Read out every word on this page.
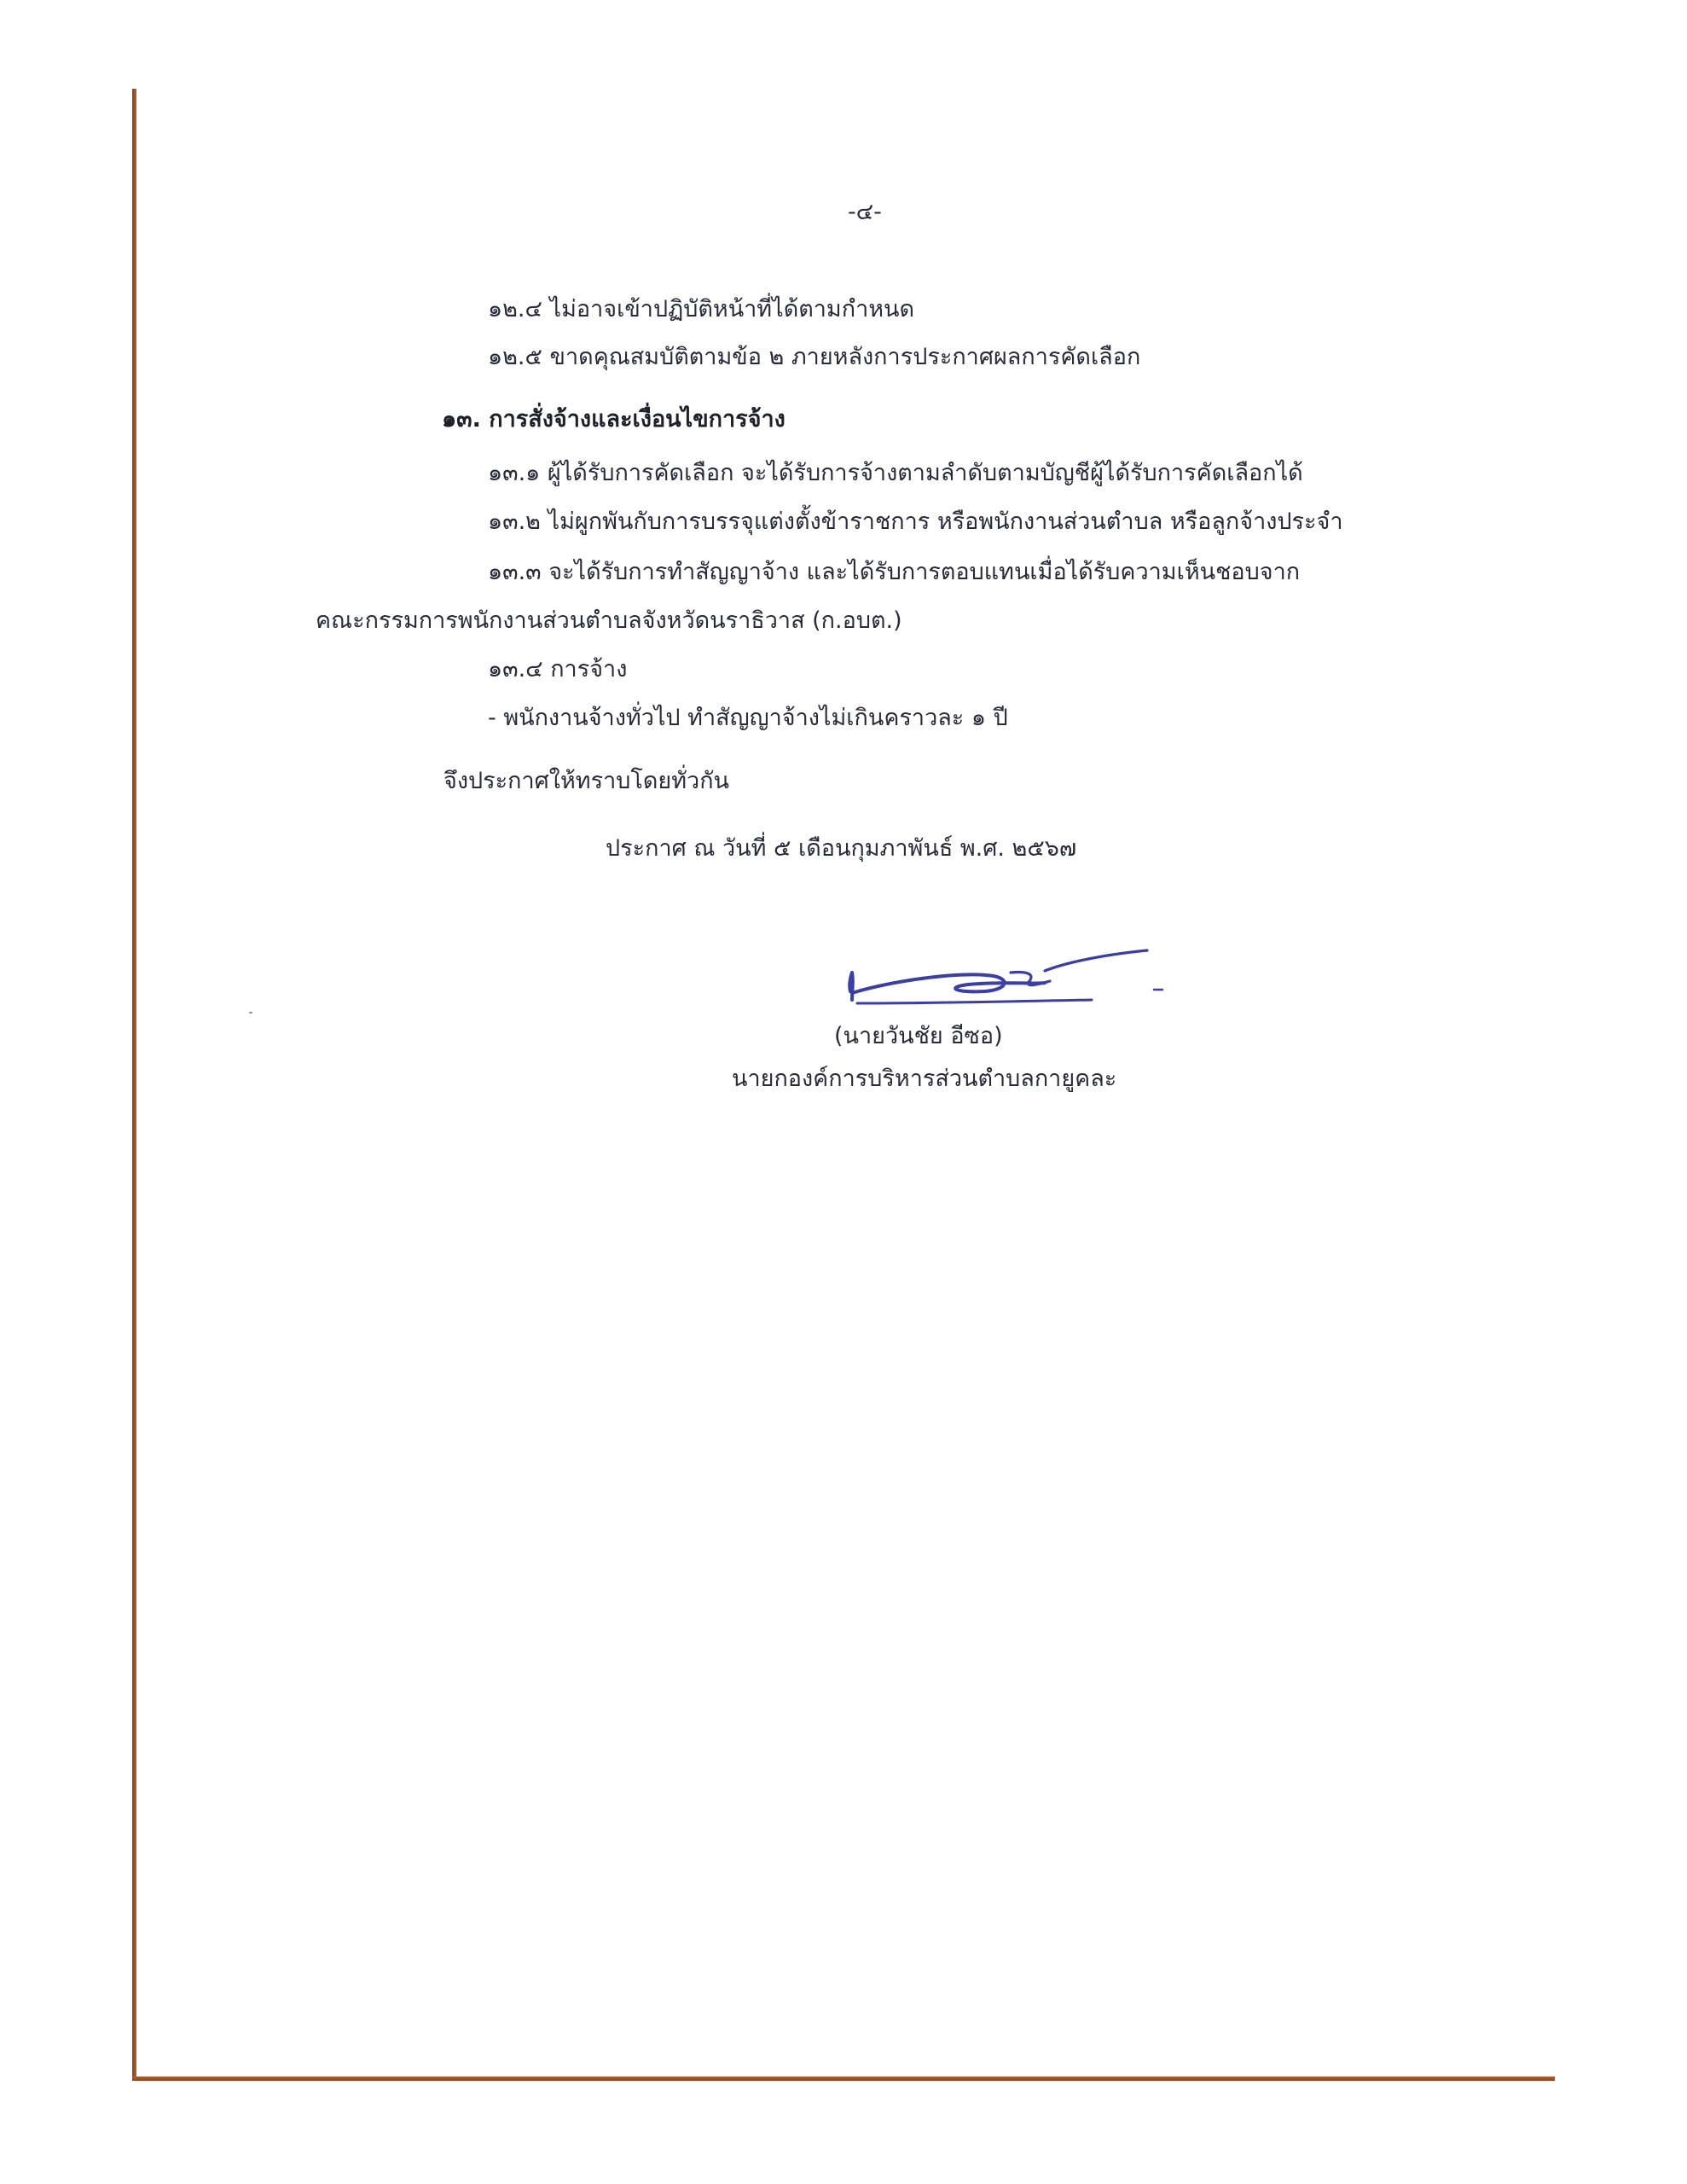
-๔-
๑๒.๔ ไม่อาจเข้าปฏิบัติหน้าที่ได้ตามกำหนด
๑๒.๕ ขาดคุณสมบัติตามข้อ ๒ ภายหลังการประกาศผลการคัดเลือก
๑๓. การสั่งจ้างและเงื่อนไขการจ้าง
๑๓.๑ ผู้ได้รับการคัดเลือก จะได้รับการจ้างตามลำดับตามบัญชีผู้ได้รับการคัดเลือกได้
๑๓.๒ ไม่ผูกพันกับการบรรจุแต่งตั้งข้าราชการ หรือพนักงานส่วนตำบล หรือลูกจ้างประจำ
๑๓.๓ จะได้รับการทำสัญญาจ้าง และได้รับการตอบแทนเมื่อได้รับความเห็นชอบจาก
คณะกรรมการพนักงานส่วนตำบลจังหวัดนราธิวาส (ก.อบต.)
๑๓.๔ การจ้าง
- พนักงานจ้างทั่วไป ทำสัญญาจ้างไม่เกินคราวละ ๑ ปี
จึงประกาศให้ทราบโดยทั่วกัน
ประกาศ ณ วันที่ ๕ เดือนกุมภาพันธ์ พ.ศ. ๒๕๖๗
(นายวันชัย อีซอ)
นายกองค์การบริหารส่วนตำบลกายูคละ
